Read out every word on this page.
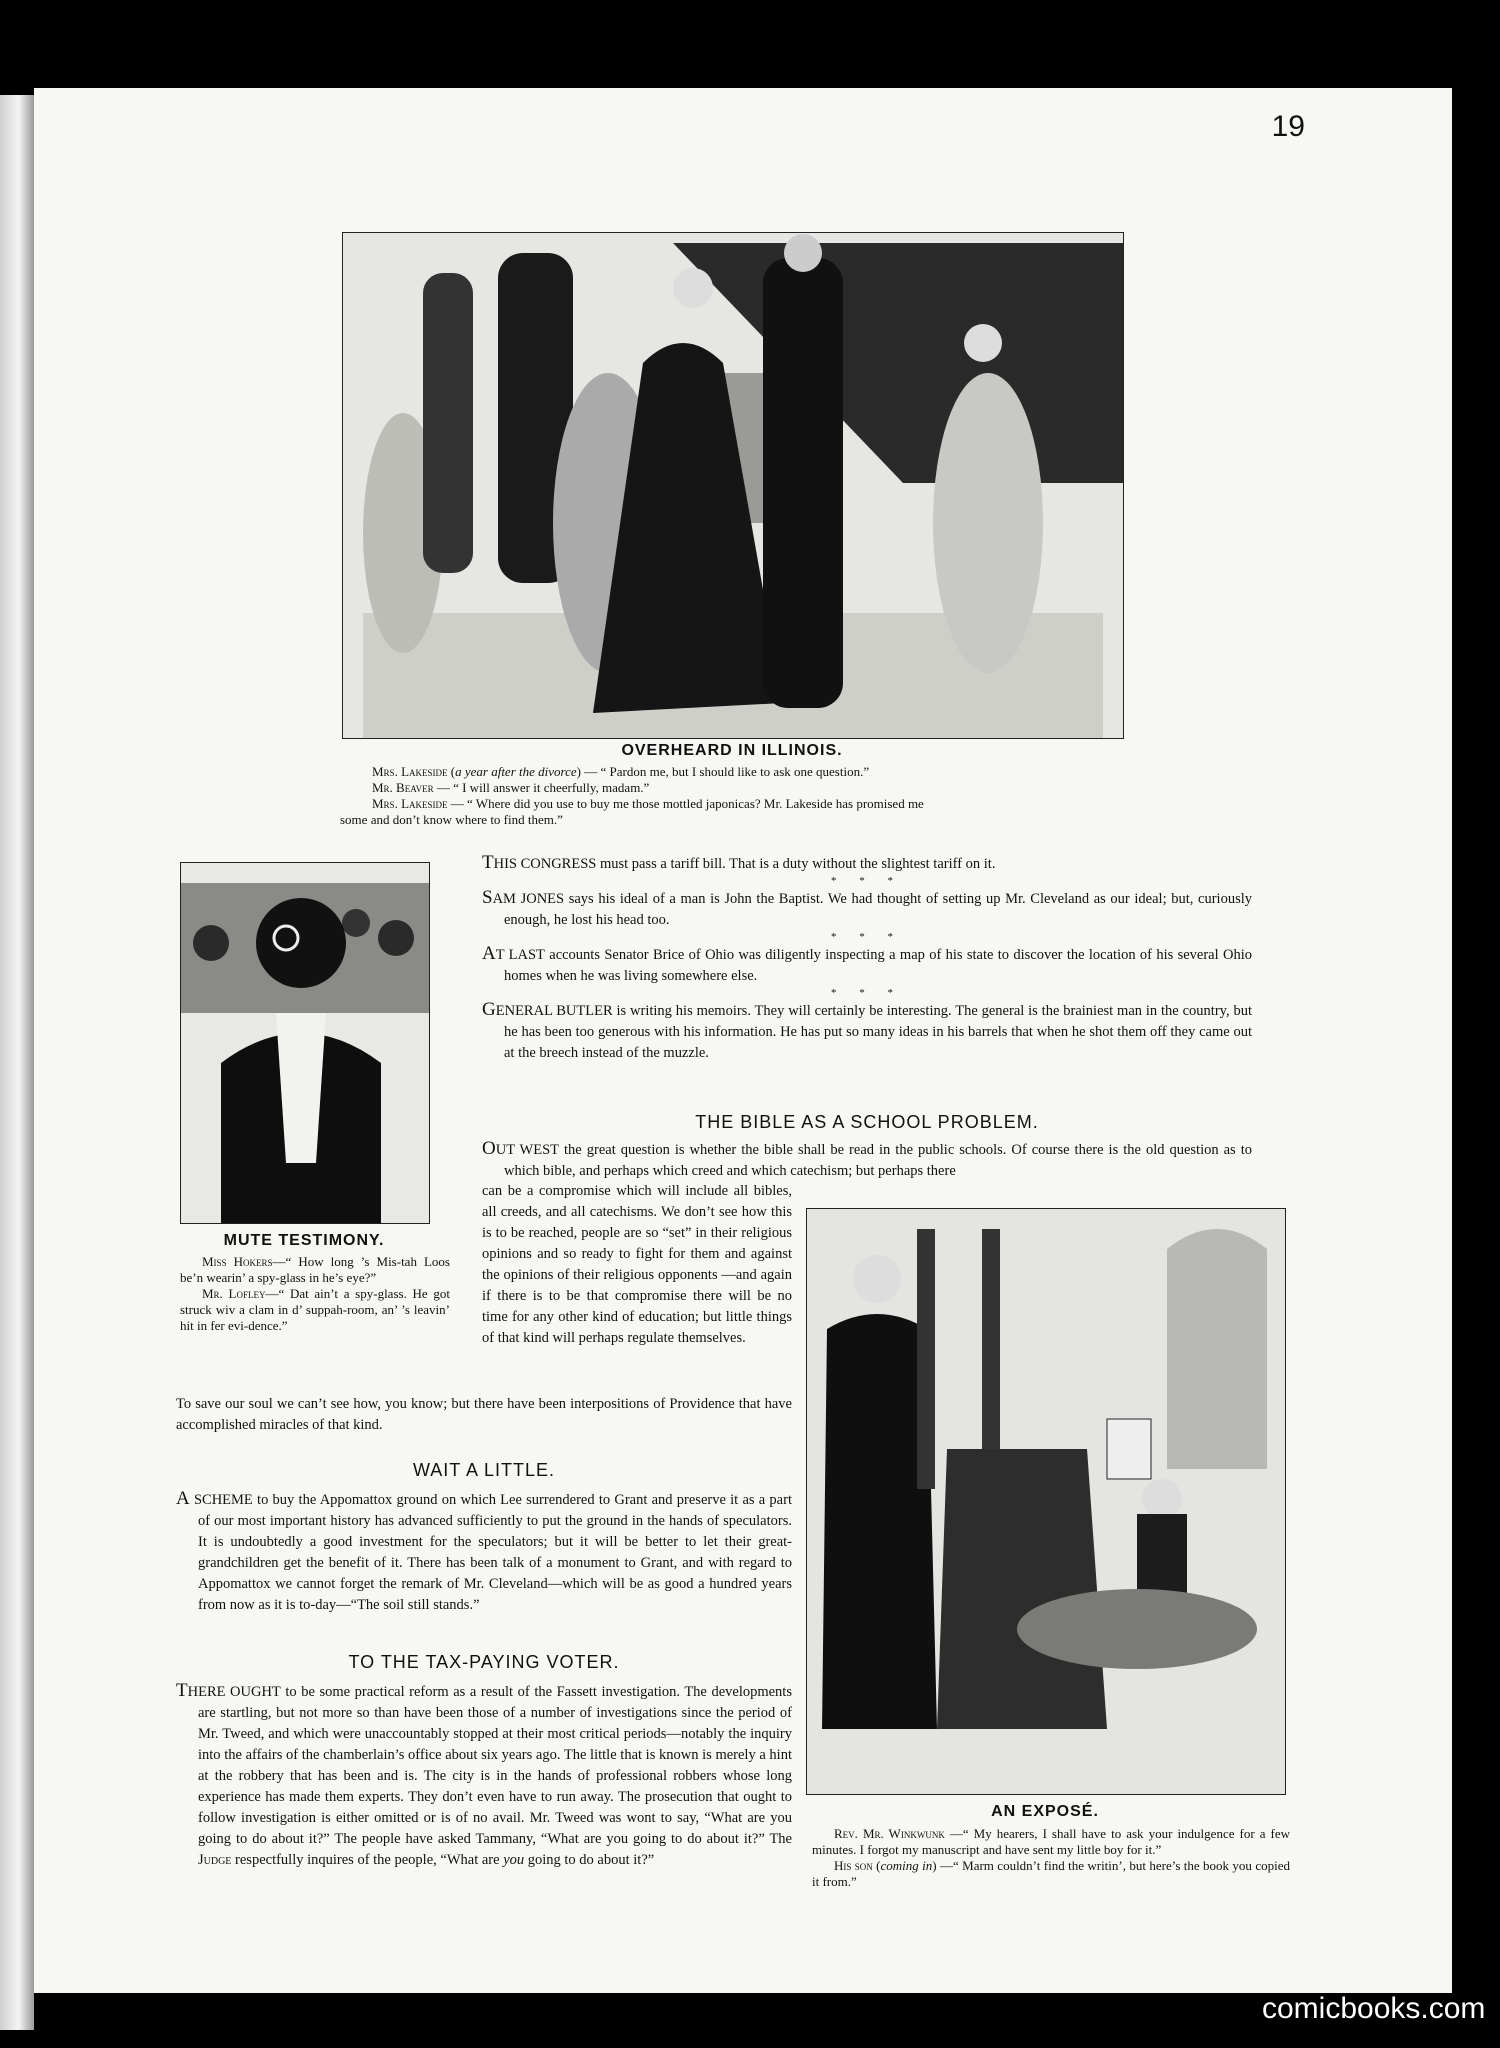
19
OVERHEARD IN ILLINOIS.

Mrs. Lakeside (a year after the divorce) — “ Pardon me, but I should like to ask one question.”

Mr. Beaver — “ I will answer it cheerfully, madam.”

Mrs. Lakeside — “ Where did you use to buy me those mottled japonicas? Mr. Lakeside has promised me

some and don’t know where to find them.”

MUTE TESTIMONY.

Miss Hokers—“ How long ’s Mis-tah Loos be’n wearin’ a spy-glass in he’s eye?”

Mr. Lofley—“ Dat ain’t a spy-glass. He got struck wiv a clam in d’ suppah-room, an’ ’s leavin’ hit in fer evi-dence.”

THIS CONGRESS must pass a tariff bill. That is a duty without the slightest tariff on it.

* * *

SAM JONES says his ideal of a man is John the Baptist. We had thought of setting up Mr. Cleveland as our ideal; but, curiously enough, he lost his head too.

* * *

AT LAST accounts Senator Brice of Ohio was diligently inspecting a map of his state to discover the location of his several Ohio homes when he was living somewhere else.

* * *

GENERAL BUTLER is writing his memoirs. They will certainly be interesting. The general is the brainiest man in the country, but he has been too generous with his information. He has put so many ideas in his barrels that when he shot them off they came out at the breech instead of the muzzle.

THE BIBLE AS A SCHOOL PROBLEM.

OUT WEST the great question is whether the bible shall be read in the public schools. Of course there is the old question as to which bible, and perhaps which creed and which catechism; but perhaps there

can be a compromise which will include all bibles, all creeds, and all catechisms. We don’t see how this is to be reached, people are so “set” in their religious opinions and so ready to fight for them and against the opinions of their religious opponents —and again if there is to be that compromise there will be no time for any other kind of education; but little things of that kind will perhaps regulate themselves.
To save our soul we can’t see how, you know; but there have been interpositions of Providence that have accomplished miracles of that kind.
WAIT A LITTLE.

A SCHEME to buy the Appomattox ground on which Lee surrendered to Grant and preserve it as a part of our most important history has advanced sufficiently to put the ground in the hands of speculators. It is undoubtedly a good investment for the speculators; but it will be better to let their great-grandchildren get the benefit of it. There has been talk of a monument to Grant, and with regard to Appomattox we cannot forget the remark of Mr. Cleveland—which will be as good a hundred years from now as it is to-day—“The soil still stands.”

TO THE TAX-PAYING VOTER.

THERE OUGHT to be some practical reform as a result of the Fassett investigation. The developments are startling, but not more so than have been those of a number of investigations since the period of Mr. Tweed, and which were unaccountably stopped at their most critical periods—notably the inquiry into the affairs of the chamberlain’s office about six years ago. The little that is known is merely a hint at the robbery that has been and is. The city is in the hands of professional robbers whose long experience has made them experts. They don’t even have to run away. The prosecution that ought to follow investigation is either omitted or is of no avail. Mr. Tweed was wont to say, “What are you going to do about it?” The people have asked Tammany, “What are you going to do about it?” The Judge respectfully inquires of the people, “What are you going to do about it?”

AN EXPOSÉ.

Rev. Mr. Winkwunk —“ My hearers, I shall have to ask your indulgence for a few minutes. I forgot my manuscript and have sent my little boy for it.”

His son (coming in) —“ Marm couldn’t find the writin’, but here’s the book you copied it from.”

comicbooks.com
